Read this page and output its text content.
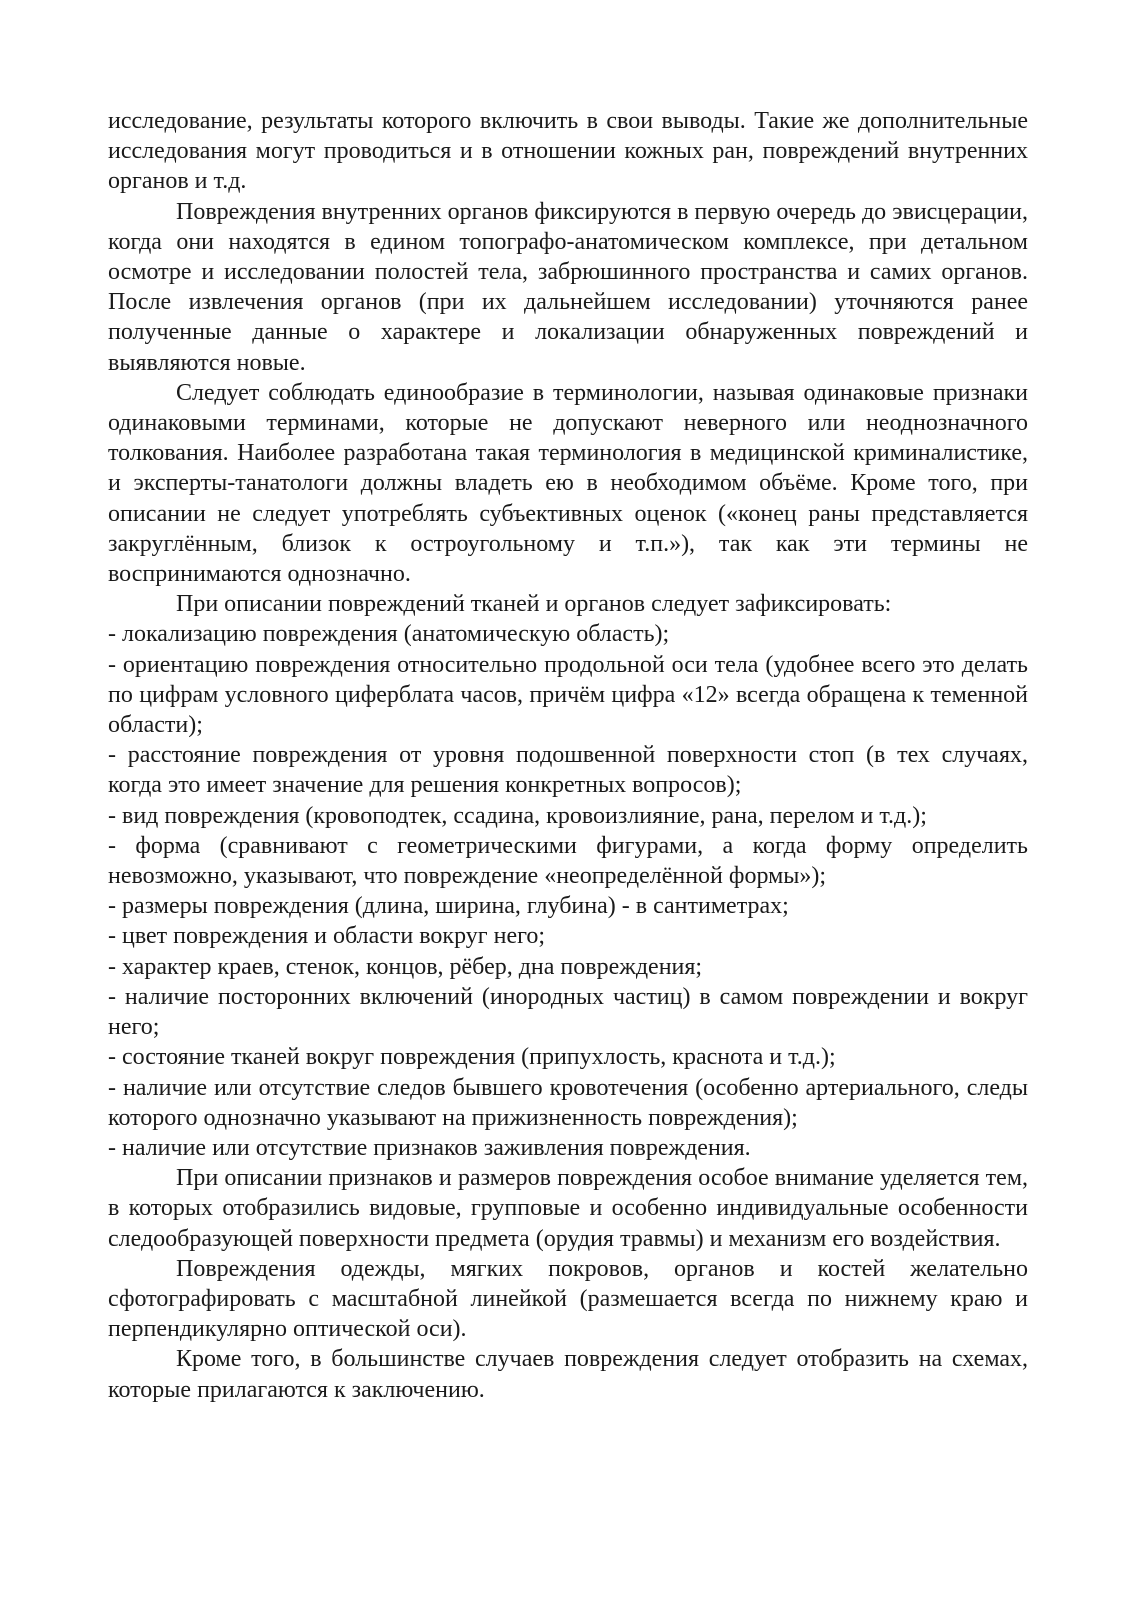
исследование, результаты которого включить в свои выводы. Такие же дополнительные исследования могут проводиться и в отношении кожных ран, повреждений внутренних органов и т.д.

Повреждения внутренних органов фиксируются в первую очередь до эвисцерации, когда они находятся в едином топографо-анатомическом комплексе, при детальном осмотре и исследовании полостей тела, забрюшинного пространства и самих органов. После извлечения органов (при их дальнейшем исследовании) уточняются ранее полученные данные о характере и локализации обнаруженных повреждений и выявляются новые.

Следует соблюдать единообразие в терминологии, называя одинаковые признаки одинаковыми терминами, которые не допускают неверного или неоднозначного толкования. Наиболее разработана такая терминология в медицинской криминалистике, и эксперты-танатологи должны владеть ею в необходимом объёме. Кроме того, при описании не следует употреблять субъективных оценок («конец раны представляется закруглённым, близок к остроугольному и т.п.»), так как эти термины не воспринимаются однозначно.

При описании повреждений тканей и органов следует зафиксировать:

- локализацию повреждения (анатомическую область);

- ориентацию повреждения относительно продольной оси тела (удобнее всего это делать по цифрам условного циферблата часов, причём цифра «12» всегда обращена к теменной области);

- расстояние повреждения от уровня подошвенной поверхности стоп (в тех случаях, когда это имеет значение для решения конкретных вопросов);

- вид повреждения (кровоподтек, ссадина, кровоизлияние, рана, перелом и т.д.);

- форма (сравнивают с геометрическими фигурами, а когда форму определить невозможно, указывают, что повреждение «неопределённой формы»);

- размеры повреждения (длина, ширина, глубина) - в сантиметрах;

- цвет повреждения и области вокруг него;

- характер краев, стенок, концов, рёбер, дна повреждения;

- наличие посторонних включений (инородных частиц) в самом повреждении и вокруг него;

- состояние тканей вокруг повреждения (припухлость, краснота и т.д.);

- наличие или отсутствие следов бывшего кровотечения (особенно артериального, следы которого однозначно указывают на прижизненность повреждения);

- наличие или отсутствие признаков заживления повреждения.

При описании признаков и размеров повреждения особое внимание уделяется тем, в которых отобразились видовые, групповые и особенно индивидуальные особенности следообразующей поверхности предмета (орудия травмы) и механизм его воздействия.

Повреждения одежды, мягких покровов, органов и костей желательно сфотографировать с масштабной линейкой (размешается всегда по нижнему краю и перпендикулярно оптической оси).

Кроме того, в большинстве случаев повреждения следует отобразить на схемах, которые прилагаются к заключению.
